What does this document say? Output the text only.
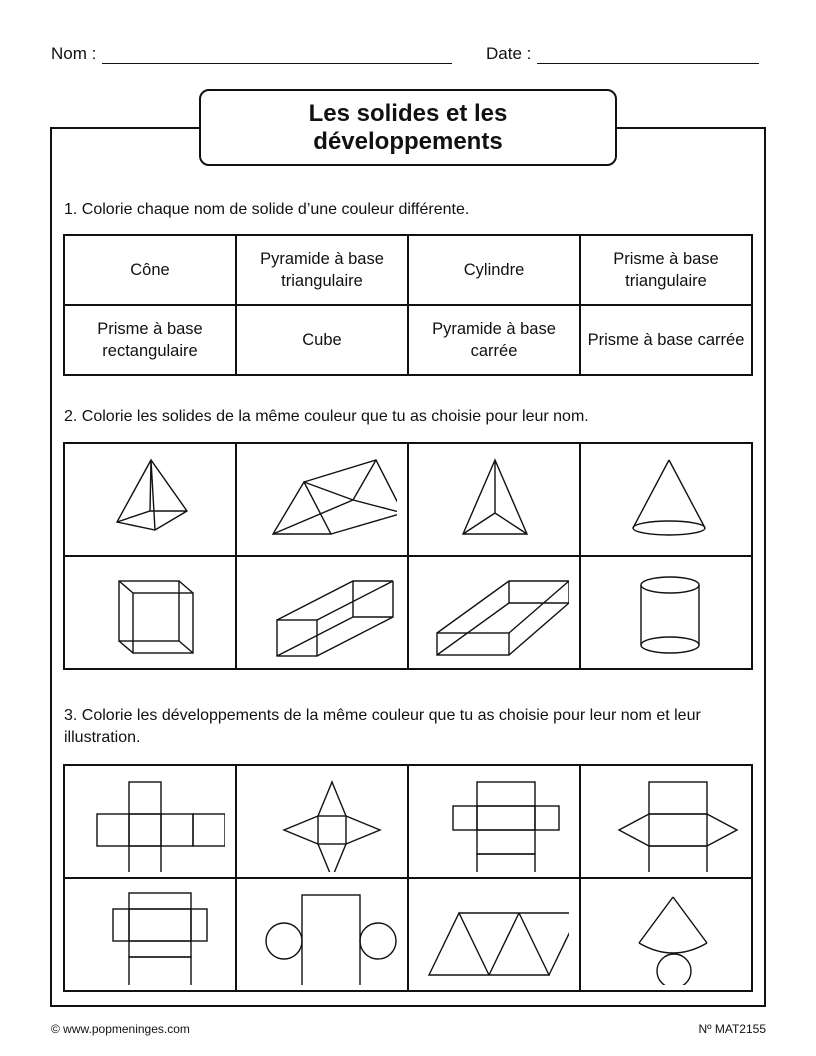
Nom :	Date :
Les solides et les développements
1. Colorie chaque nom de solide d’une couleur différente.
Cône	Pyramide à base triangulaire	Cylindre	Prisme à base triangulaire
Prisme à base rectangulaire	Cube	Pyramide à base carrée	Prisme à base carrée
2. Colorie les solides de la même couleur que tu as choisie pour leur nom.

3. Colorie les développements de la même couleur que tu as choisie pour leur nom et leur illustration.

© www.popmeninges.com	Nº MAT2155
